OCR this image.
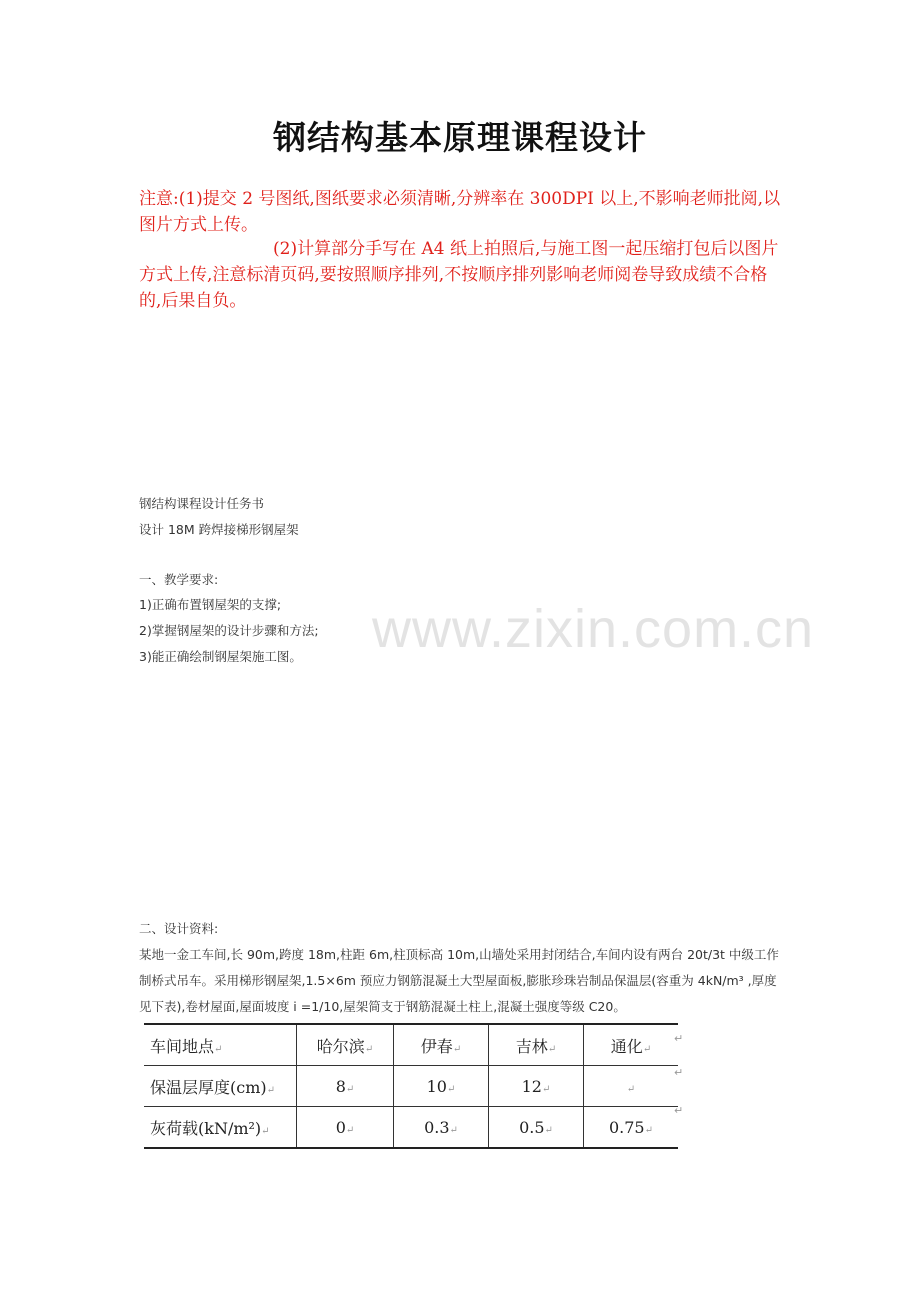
钢结构基本原理课程设计
注意:(1)提交 2 号图纸,图纸要求必须清晰,分辨率在 300DPI 以上,不影响老师批阅,以图片方式上传。
(2)计算部分手写在 A4 纸上拍照后,与施工图一起压缩打包后以图片方式上传,注意标清页码,要按照顺序排列,不按顺序排列影响老师阅卷导致成绩不合格的,后果自负。
钢结构课程设计任务书
设计 18M 跨焊接梯形钢屋架
一、教学要求:
1)正确布置钢屋架的支撑;
2)掌握钢屋架的设计步骤和方法;
3)能正确绘制钢屋架施工图。	www.zixin.com.cn
二、设计资料:
某地一金工车间,长 90m,跨度 18m,柱距 6m,柱顶标高 10m,山墙处采用封闭结合,车间内设有两台 20t/3t 中级工作制桥式吊车。采用梯形钢屋架,1.5×6m 预应力钢筋混凝土大型屋面板,膨胀珍珠岩制品保温层(容重为 4kN/m³ ,厚度见下表),卷材屋面,屋面坡度 i =1/10,屋架简支于钢筋混凝土柱上,混凝土强度等级 C20。
车间地点↵	哈尔滨↵	伊春↵	吉林↵	通化↵
保温层厚度(cm)↵	8↵	10↵	12↵	↵
灰荷载(kN/m²)↵	0↵	0.3↵	0.5↵	0.75↵
↵
↵
↵
